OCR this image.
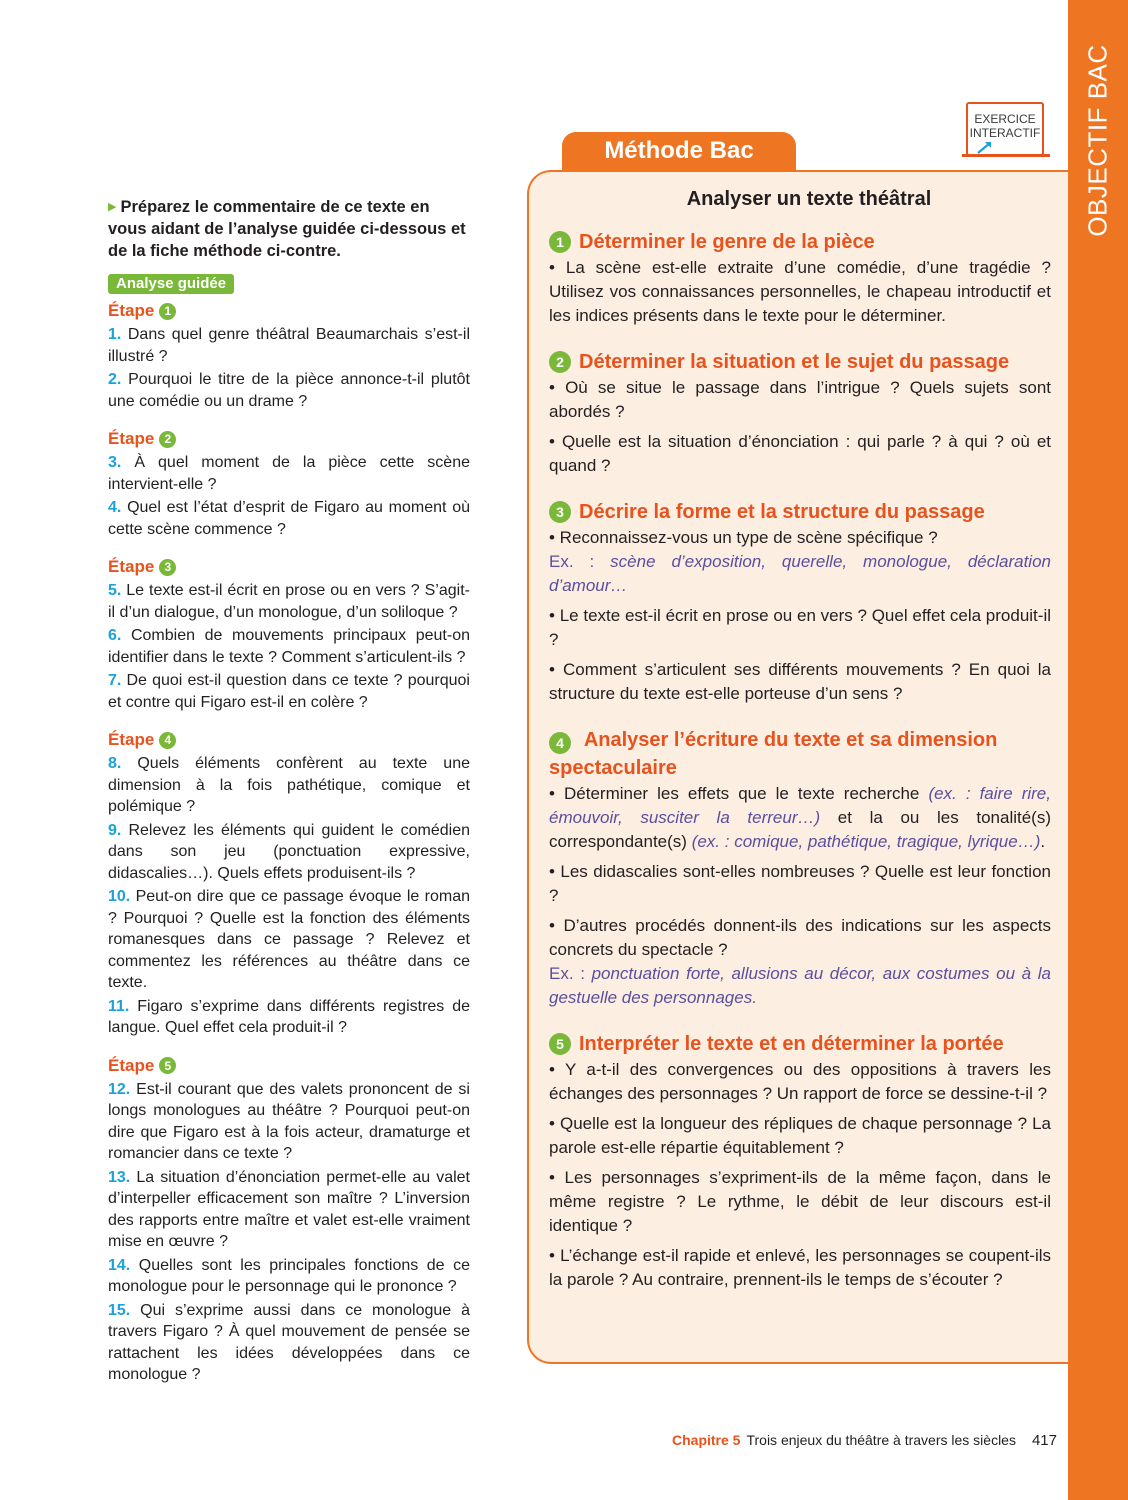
OBJECTIF BAC

▶ Préparez le commentaire de ce texte en vous aidant de l’analyse guidée ci-dessous et de la fiche méthode ci-contre.

Analyse guidée
Étape 1

1. Dans quel genre théâtral Beaumarchais s’est-il illustré ?

2. Pourquoi le titre de la pièce annonce-t-il plutôt une comédie ou un drame ?

Étape 2

3. À quel moment de la pièce cette scène intervient-elle ?

4. Quel est l’état d’esprit de Figaro au moment où cette scène commence ?

Étape 3

5. Le texte est-il écrit en prose ou en vers ? S’agit-il d’un dialogue, d’un monologue, d’un soliloque ?

6. Combien de mouvements principaux peut-on identifier dans le texte ? Comment s’articulent-ils ?

7. De quoi est-il question dans ce texte ? pourquoi et contre qui Figaro est-il en colère ?

Étape 4

8. Quels éléments confèrent au texte une dimension à la fois pathétique, comique et polémique ?

9. Relevez les éléments qui guident le comédien dans son jeu (ponctuation expressive, didascalies…). Quels effets produisent-ils ?

10. Peut-on dire que ce passage évoque le roman ? Pourquoi ? Quelle est la fonction des éléments romanesques dans ce passage ? Relevez et commentez les références au théâtre dans ce texte.

11. Figaro s’exprime dans différents registres de langue. Quel effet cela produit-il ?

Étape 5

12. Est-il courant que des valets prononcent de si longs monologues au théâtre ? Pourquoi peut-on dire que Figaro est à la fois acteur, dramaturge et romancier dans ce texte ?

13. La situation d’énonciation permet-elle au valet d’interpeller efficacement son maître ? L’inversion des rapports entre maître et valet est-elle vraiment mise en œuvre ?

14. Quelles sont les principales fonctions de ce monologue pour le personnage qui le prononce ?

15. Qui s’exprime aussi dans ce monologue à travers Figaro ? À quel mouvement de pensée se rattachent les idées développées dans ce monologue ?

Méthode Bac
EXERCICE
INTERACTIF
Analyser un texte théâtral
1 Déterminer le genre de la pièce

• La scène est-elle extraite d’une comédie, d’une tragédie ? Utilisez vos connaissances personnelles, le chapeau introductif et les indices présents dans le texte pour le déterminer.

2 Déterminer la situation et le sujet du passage

• Où se situe le passage dans l’intrigue ? Quels sujets sont abordés ?

• Quelle est la situation d’énonciation : qui parle ? à qui ? où et quand ?

3 Décrire la forme et la structure du passage

• Reconnaissez-vous un type de scène spécifique ?

Ex. : scène d’exposition, querelle, monologue, déclaration d’amour…

• Le texte est-il écrit en prose ou en vers ? Quel effet cela produit-il ?

• Comment s’articulent ses différents mouvements ? En quoi la structure du texte est-elle porteuse d’un sens ?

4 Analyser l’écriture du texte et sa dimension spectaculaire

• Déterminer les effets que le texte recherche (ex. : faire rire, émouvoir, susciter la terreur…) et la ou les tonalité(s) correspondante(s) (ex. : comique, pathétique, tragique, lyrique…).

• Les didascalies sont-elles nombreuses ? Quelle est leur fonction ?

• D’autres procédés donnent-ils des indications sur les aspects concrets du spectacle ?

Ex. : ponctuation forte, allusions au décor, aux costumes ou à la gestuelle des personnages.

5 Interpréter le texte et en déterminer la portée

• Y a-t-il des convergences ou des oppositions à travers les échanges des personnages ? Un rapport de force se dessine-t-il ?

• Quelle est la longueur des répliques de chaque personnage ? La parole est-elle répartie équitablement ?

• Les personnages s’expriment-ils de la même façon, dans le même registre ? Le rythme, le débit de leur discours est-il identique ?

• L’échange est-il rapide et enlevé, les personnages se coupent-ils la parole ? Au contraire, prennent-ils le temps de s’écouter ?

Chapitre 5 Trois enjeux du théâtre à travers les siècles 417
